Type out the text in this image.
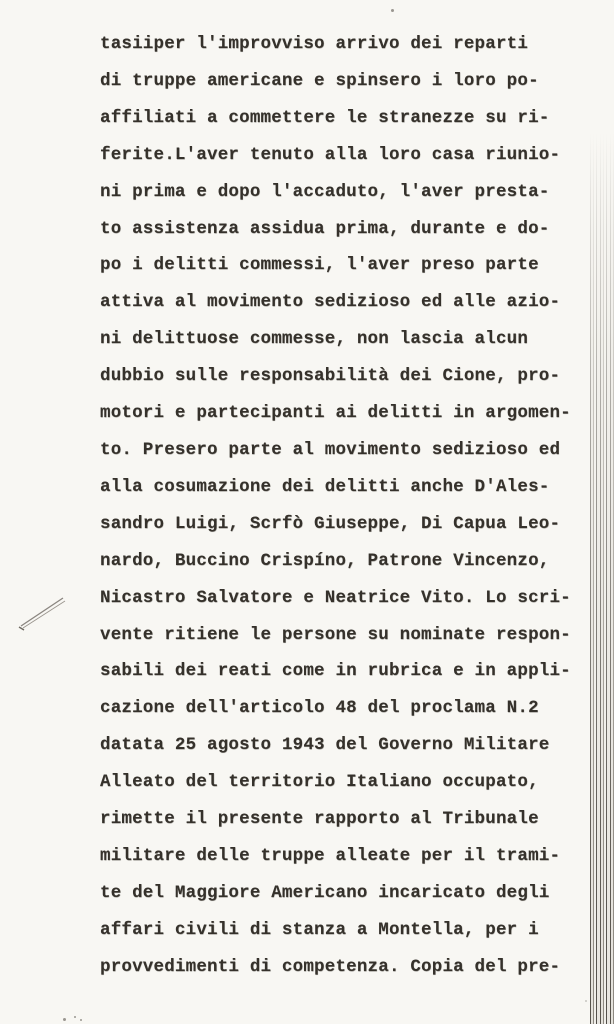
tasiiper l'improvviso arrivo dei reparti
di truppe americane e spinsero i loro po-
affiliati a commettere le stranezze su ri-
ferite.L'aver tenuto alla loro casa riunio-
ni prima e dopo l'accaduto, l'aver presta-
to assistenza assidua prima, durante e do-
po i delitti commessi, l'aver preso parte
attiva al movimento sedizioso ed alle azio-
ni delittuose commesse, non lascia alcun
dubbio sulle responsabilità dei Cione, pro-
motori e partecipanti ai delitti in argomen-
to. Presero parte al movimento sedizioso ed
alla cosumazione dei delitti anche D'Ales-
sandro Luigi, Scrfò Giuseppe, Di Capua Leo-
nardo, Buccino Crispíno, Patrone Vincenzo,
Nicastro Salvatore e Neatrice Vito. Lo scri-
vente ritiene le persone su nominate respon-
sabili dei reati come in rubrica e in appli-
cazione dell'articolo 48 del proclama N.2
datata 25 agosto 1943 del Governo Militare
Alleato del territorio Italiano occupato,
rimette il presente rapporto al Tribunale
militare delle truppe alleate per il trami-
te del Maggiore Americano incaricato degli
affari civili di stanza a Montella, per i
provvedimenti di competenza. Copia del pre-
